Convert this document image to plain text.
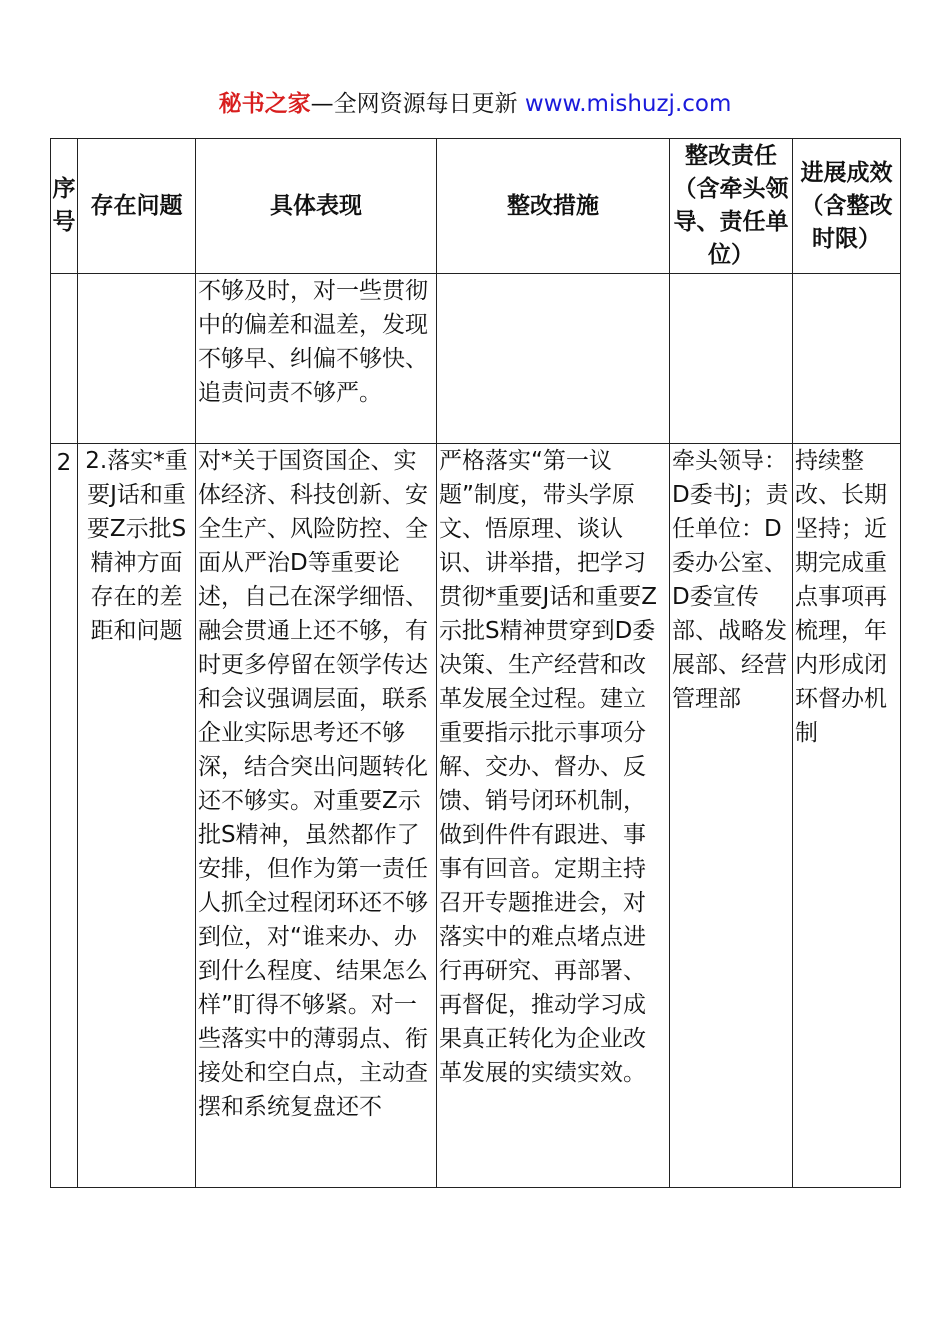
秘书之家—全网资源每日更新 www.mishuzj.com
序号	存在问题	具体表现	整改措施	整改责任（含牵头领导、责任单位）	进展成效（含整改时限）

		不够及时，对一些贯彻中的偏差和温差，发现不够早、纠偏不够快、追责问责不够严。			

2	2.落实*重要J话和重要Z示批S精神方面存在的差距和问题	对*关于国资国企、实体经济、科技创新、安全生产、风险防控、全面从严治D等重要论述，自己在深学细悟、融会贯通上还不够，有时更多停留在领学传达和会议强调层面，联系企业实际思考还不够深，结合突出问题转化还不够实。对重要Z示批S精神，虽然都作了安排，但作为第一责任人抓全过程闭环还不够到位，对“谁来办、办到什么程度、结果怎么样”盯得不够紧。对一些落实中的薄弱点、衔接处和空白点，主动查摆和系统复盘还不	严格落实“第一议题”制度，带头学原文、悟原理、谈认识、讲举措，把学习贯彻*重要J话和重要Z示批S精神贯穿到D委决策、生产经营和改革发展全过程。建立重要指示批示事项分解、交办、督办、反馈、销号闭环机制，做到件件有跟进、事事有回音。定期主持召开专题推进会，对落实中的难点堵点进行再研究、再部署、再督促，推动学习成果真正转化为企业改革发展的实绩实效。	牵头领导：D委书J；责任单位：D委办公室、D委宣传部、战略发展部、经营管理部	持续整改、长期坚持；近期完成重点事项再梳理，年内形成闭环督办机制
